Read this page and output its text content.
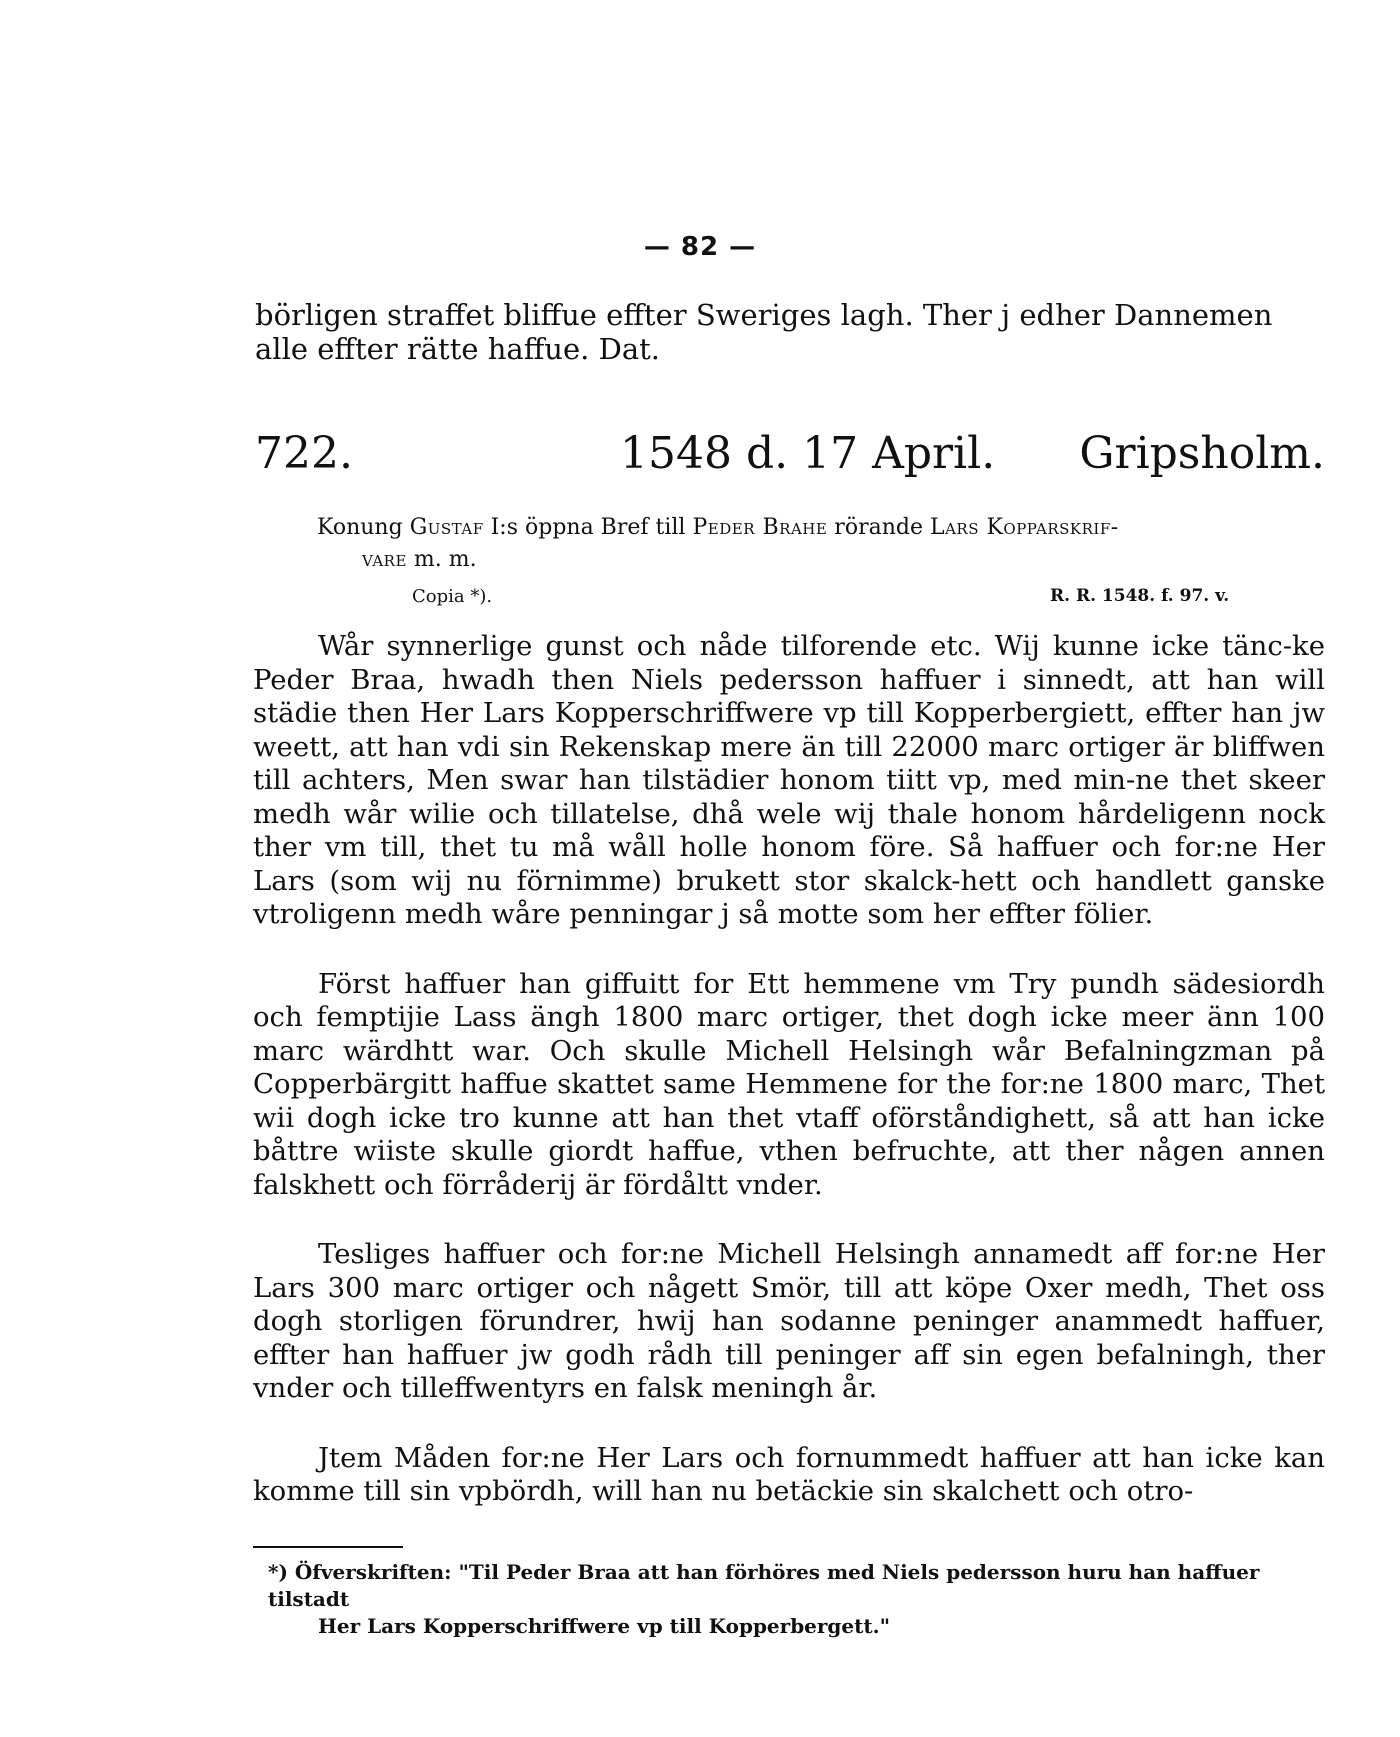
— 82 —
börligen straffet bliffue effter Sweriges lagh. Ther j edher Dannemen alle effter rätte haffue. Dat.
722.	1548 d. 17 April. Gripsholm.
Konung Gustaf I:s öppna Bref till Peder Brahe rörande Lars Kopparskrif-
vare m. m.
Copia *).	R. R. 1548. f. 97. v.

Wår synnerlige gunst och nåde tilforende etc. Wij kunne icke tänc-ke Peder Braa, hwadh then Niels pedersson haffuer i sinnedt, att han will städie then Her Lars Kopperschriffwere vp till Kopperbergiett, effter han jw weett, att han vdi sin Rekenskap mere än till 22000 marc ortiger är bliffwen till achters, Men swar han tilstädier honom tiitt vp, med min-ne thet skeer medh wår wilie och tillatelse, dhå wele wij thale honom hårdeligenn nock ther vm till, thet tu må wåll holle honom före. Så haffuer och for:ne Her Lars (som wij nu förnimme) brukett stor skalck-hett och handlett ganske vtroligenn medh wåre penningar j så motte som her effter fölier.

Först haffuer han giffuitt for Ett hemmene vm Try pundh sädesiordh och femptijie Lass ängh 1800 marc ortiger, thet dogh icke meer änn 100 marc wärdhtt war. Och skulle Michell Helsingh wår Befalningzman på Copperbärgitt haffue skattet same Hemmene for the for:ne 1800 marc, Thet wii dogh icke tro kunne att han thet vtaff oförståndighett, så att han icke båttre wiiste skulle giordt haffue, vthen befruchte, att ther någen annen falskhett och förråderij är fördåltt vnder.

Tesliges haffuer och for:ne Michell Helsingh annamedt aff for:ne Her Lars 300 marc ortiger och någett Smör, till att köpe Oxer medh, Thet oss dogh storligen förundrer, hwij han sodanne peninger anammedt haffuer, effter han haffuer jw godh rådh till peninger aff sin egen befalningh, ther vnder och tilleffwentyrs en falsk meningh år.

Jtem Måden for:ne Her Lars och fornummedt haffuer att han icke kan komme till sin vpbördh, will han nu betäckie sin skalchett och otro-

*) Öfverskriften: "Til Peder Braa att han förhöres med Niels pedersson huru han haffuer tilstadt
Her Lars Kopperschriffwere vp till Kopperbergett."
